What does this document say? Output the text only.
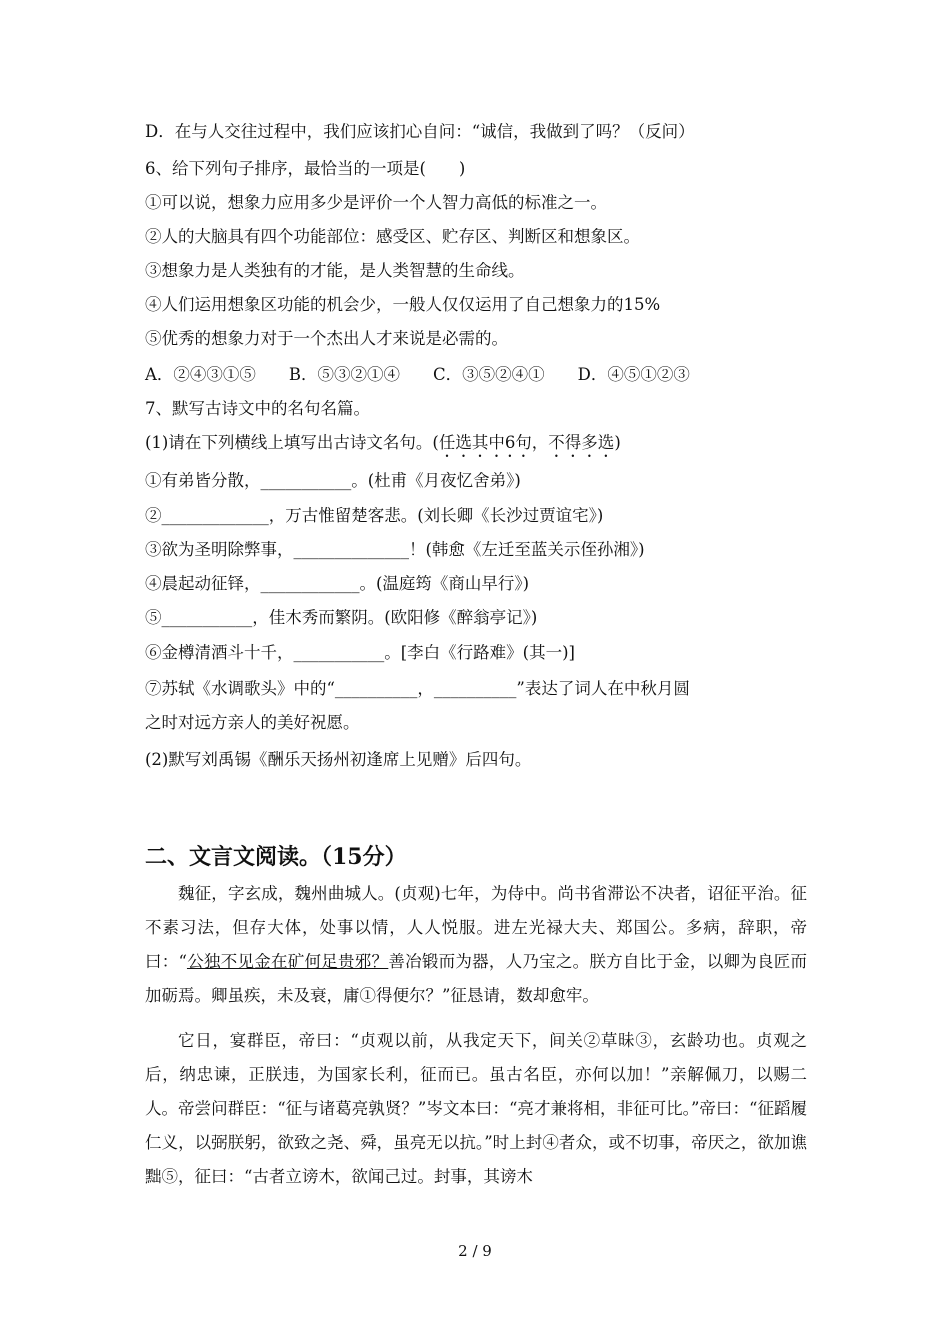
D．在与人交往过程中，我们应该扪心自问：“诚信，我做到了吗？（反问）
6、给下列句子排序，最恰当的一项是(　　)
①可以说，想象力应用多少是评价一个人智力高低的标准之一。
②人的大脑具有四个功能部位：感受区、贮存区、判断区和想象区。
③想象力是人类独有的才能，是人类智慧的生命线。
④人们运用想象区功能的机会少，一般人仅仅运用了自己想象力的15%
⑤优秀的想象力对于一个杰出人才来说是必需的。
A．②④③①⑤　　B．⑤③②①④　　C．③⑤②④①　　D．④⑤①②③
7、默写古诗文中的名句名篇。
(1)请在下列横线上填写出古诗文名句。(任选其中6句，不得多选)
①有弟皆分散，___________。(杜甫《月夜忆舍弟》)
②_____________，万古惟留楚客悲。(刘长卿《长沙过贾谊宅》)
③欲为圣明除弊事，______________！(韩愈《左迁至蓝关示侄孙湘》)
④晨起动征铎，____________。(温庭筠《商山早行》)
⑤___________，佳木秀而繁阴。(欧阳修《醉翁亭记》)
⑥金樽清酒斗十千，___________。[李白《行路难》(其一)]
⑦苏轼《水调歌头》中的“__________，__________”表达了词人在中秋月圆
之时对远方亲人的美好祝愿。
(2)默写刘禹锡《酬乐天扬州初逢席上见赠》后四句。
二、文言文阅读。（15分）
魏征，字玄成，魏州曲城人。(贞观)七年，为侍中。尚书省滞讼不决者，诏征平治。征不素习法，但存大体，处事以情，人人悦服。进左光禄大夫、郑国公。多病，辞职，帝曰：“公独不见金在矿何足贵邪？善冶锻而为器，人乃宝之。朕方自比于金，以卿为良匠而加砺焉。卿虽疾，未及衰，庸①得便尔？”征恳请，数却愈牢。
它日，宴群臣，帝曰：“贞观以前，从我定天下，间关②草昧③，玄龄功也。贞观之后，纳忠谏，正朕违，为国家长利，征而已。虽古名臣，亦何以加！”亲解佩刀，以赐二人。帝尝问群臣：“征与诸葛亮孰贤？”岑文本曰：“亮才兼将相，非征可比。”帝曰：“征蹈履仁义，以弼朕躬，欲致之尧、舜，虽亮无以抗。”时上封④者众，或不切事，帝厌之，欲加谯黜⑤，征曰：“古者立谤木，欲闻己过。封事，其谤木
2 / 9
